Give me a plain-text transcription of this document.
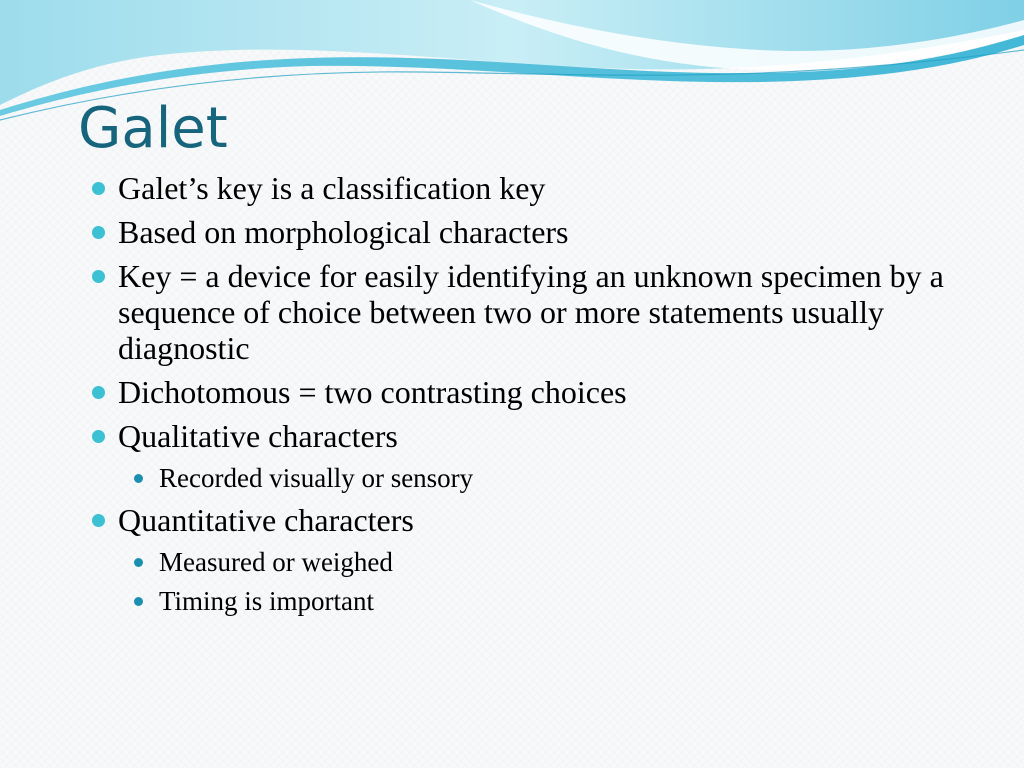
Galet
Galet’s key is a classification key
Based on morphological characters
Key = a device for easily identifying an unknown specimen by a sequence of choice between two or more statements usually diagnostic
Dichotomous = two contrasting choices
Qualitative characters
Recorded visually or sensory
Quantitative characters
Measured or weighed
Timing is important
